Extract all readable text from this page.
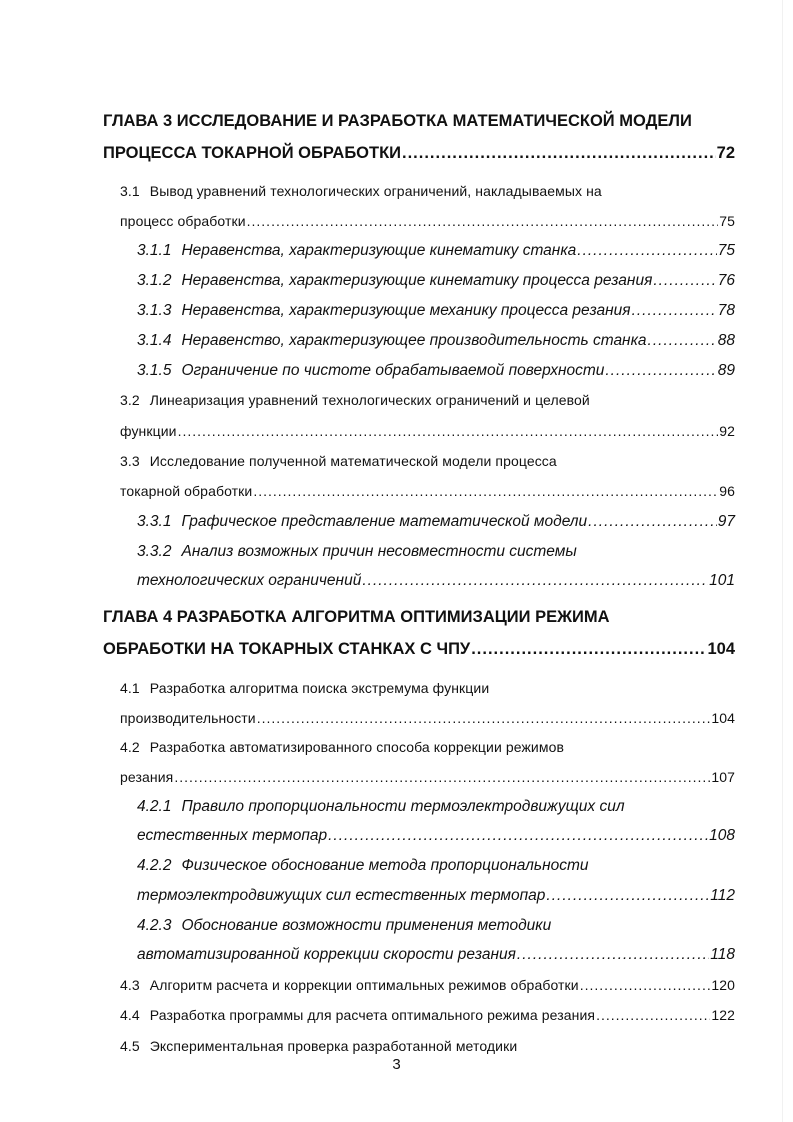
ГЛАВА 3 ИССЛЕДОВАНИЕ И РАЗРАБОТКА МАТЕМАТИЧЕСКОЙ МОДЕЛИ
ПРОЦЕССА ТОКАРНОЙ ОБРАБОТКИ .....	72
3.1 Вывод уравнений технологических ограничений, накладываемых на
процесс обработки .....	75
3.1.1 Неравенства, характеризующие кинематику станка .....	75
3.1.2 Неравенства, характеризующие кинематику процесса резания .....	76
3.1.3 Неравенства, характеризующие механику процесса резания .....	78
3.1.4 Неравенство, характеризующее производительность станка .....	88
3.1.5 Ограничение по чистоте обрабатываемой поверхности .....	89
3.2 Линеаризация уравнений технологических ограничений и целевой
функции .....	92
3.3 Исследование полученной математической модели процесса
токарной обработки .....	96
3.3.1 Графическое представление математической модели .....	97
3.3.2 Анализ возможных причин несовместности системы
технологических ограничений .....	101
ГЛАВА 4 РАЗРАБОТКА АЛГОРИТМА ОПТИМИЗАЦИИ РЕЖИМА
ОБРАБОТКИ НА ТОКАРНЫХ СТАНКАХ С ЧПУ .....	104
4.1 Разработка алгоритма поиска экстремума функции
производительности .....	104
4.2 Разработка автоматизированного способа коррекции режимов
резания .....	107
4.2.1 Правило пропорциональности термоэлектродвижущих сил
естественных термопар .....	108
4.2.2 Физическое обоснование метода пропорциональности
термоэлектродвижущих сил естественных термопар .....	112
4.2.3 Обоснование возможности применения методики
автоматизированной коррекции скорости резания .....	118
4.3 Алгоритм расчета и коррекции оптимальных режимов обработки .....	120
4.4 Разработка программы для расчета оптимального режима резания .....	122
4.5 Экспериментальная проверка разработанной методики
3
